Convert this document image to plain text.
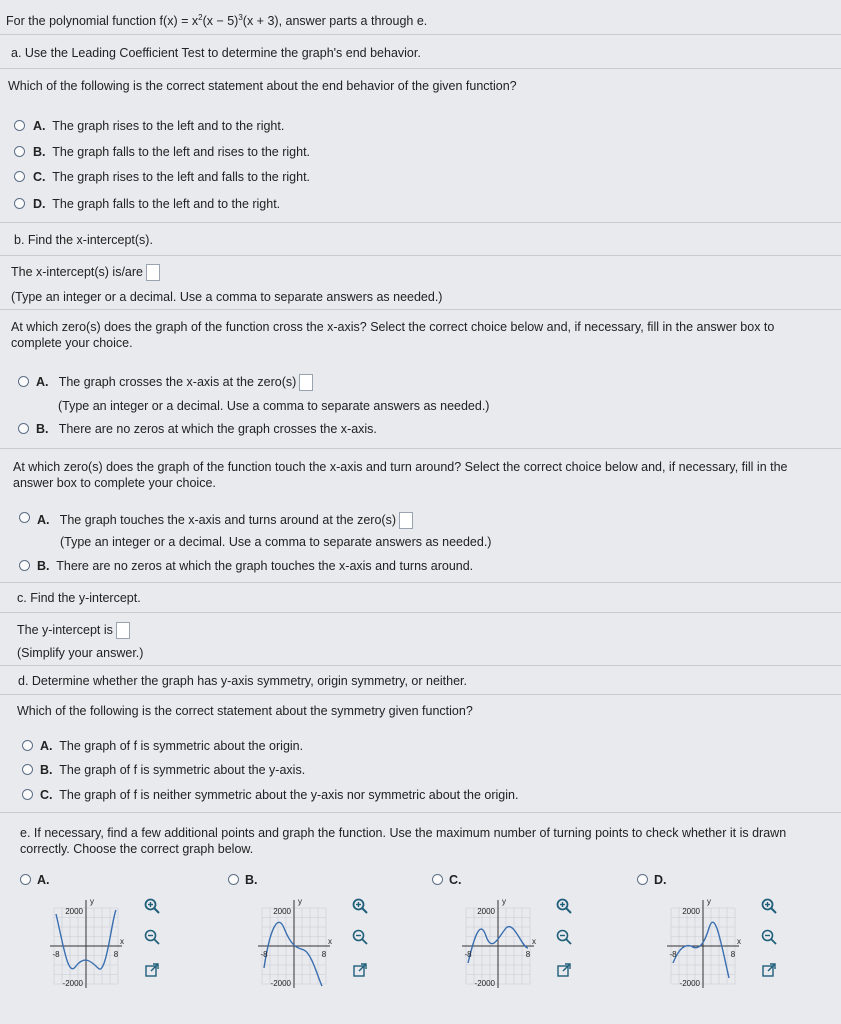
For the polynomial function $f(x) = x^2(x - 5)^3(x + 3)$, answer parts a through e.
a. Use the Leading Coefficient Test to determine the graph's end behavior.
Which of the following is the correct statement about the end behavior of the given function?
A. The graph rises to the left and to the right.
B. The graph falls to the left and rises to the right.
C. The graph rises to the left and falls to the right.
D. The graph falls to the left and to the right.
b. Find the x-intercept(s).
The x-intercept(s) is/are
(Type an integer or a decimal. Use a comma to separate answers as needed.)
At which zero(s) does the graph of the function cross the x-axis? Select the correct choice below and, if necessary, fill in the answer box to complete your choice.
A. The graph crosses the x-axis at the zero(s)
(Type an integer or a decimal. Use a comma to separate answers as needed.)
B. There are no zeros at which the graph crosses the x-axis.
At which zero(s) does the graph of the function touch the x-axis and turn around? Select the correct choice below and, if necessary, fill in the answer box to complete your choice.
A. The graph touches the x-axis and turns around at the zero(s)
(Type an integer or a decimal. Use a comma to separate answers as needed.)
B. There are no zeros at which the graph touches the x-axis and turns around.
c. Find the y-intercept.
The y-intercept is
(Simplify your answer.)
d. Determine whether the graph has y-axis symmetry, origin symmetry, or neither.
Which of the following is the correct statement about the symmetry given function?
A. The graph of f is symmetric about the origin.
B. The graph of f is symmetric about the y-axis.
C. The graph of f is neither symmetric about the y-axis nor symmetric about the origin.
e. If necessary, find a few additional points and graph the function. Use the maximum number of turning points to check whether it is drawn correctly. Choose the correct graph below.
A.
2000
-2000
-8	8
x
y
B.
2000
-2000
-8	8
x
y
C.
2000
-2000
-8	8
x
y
D.
2000
-2000
-8	8
x
y
